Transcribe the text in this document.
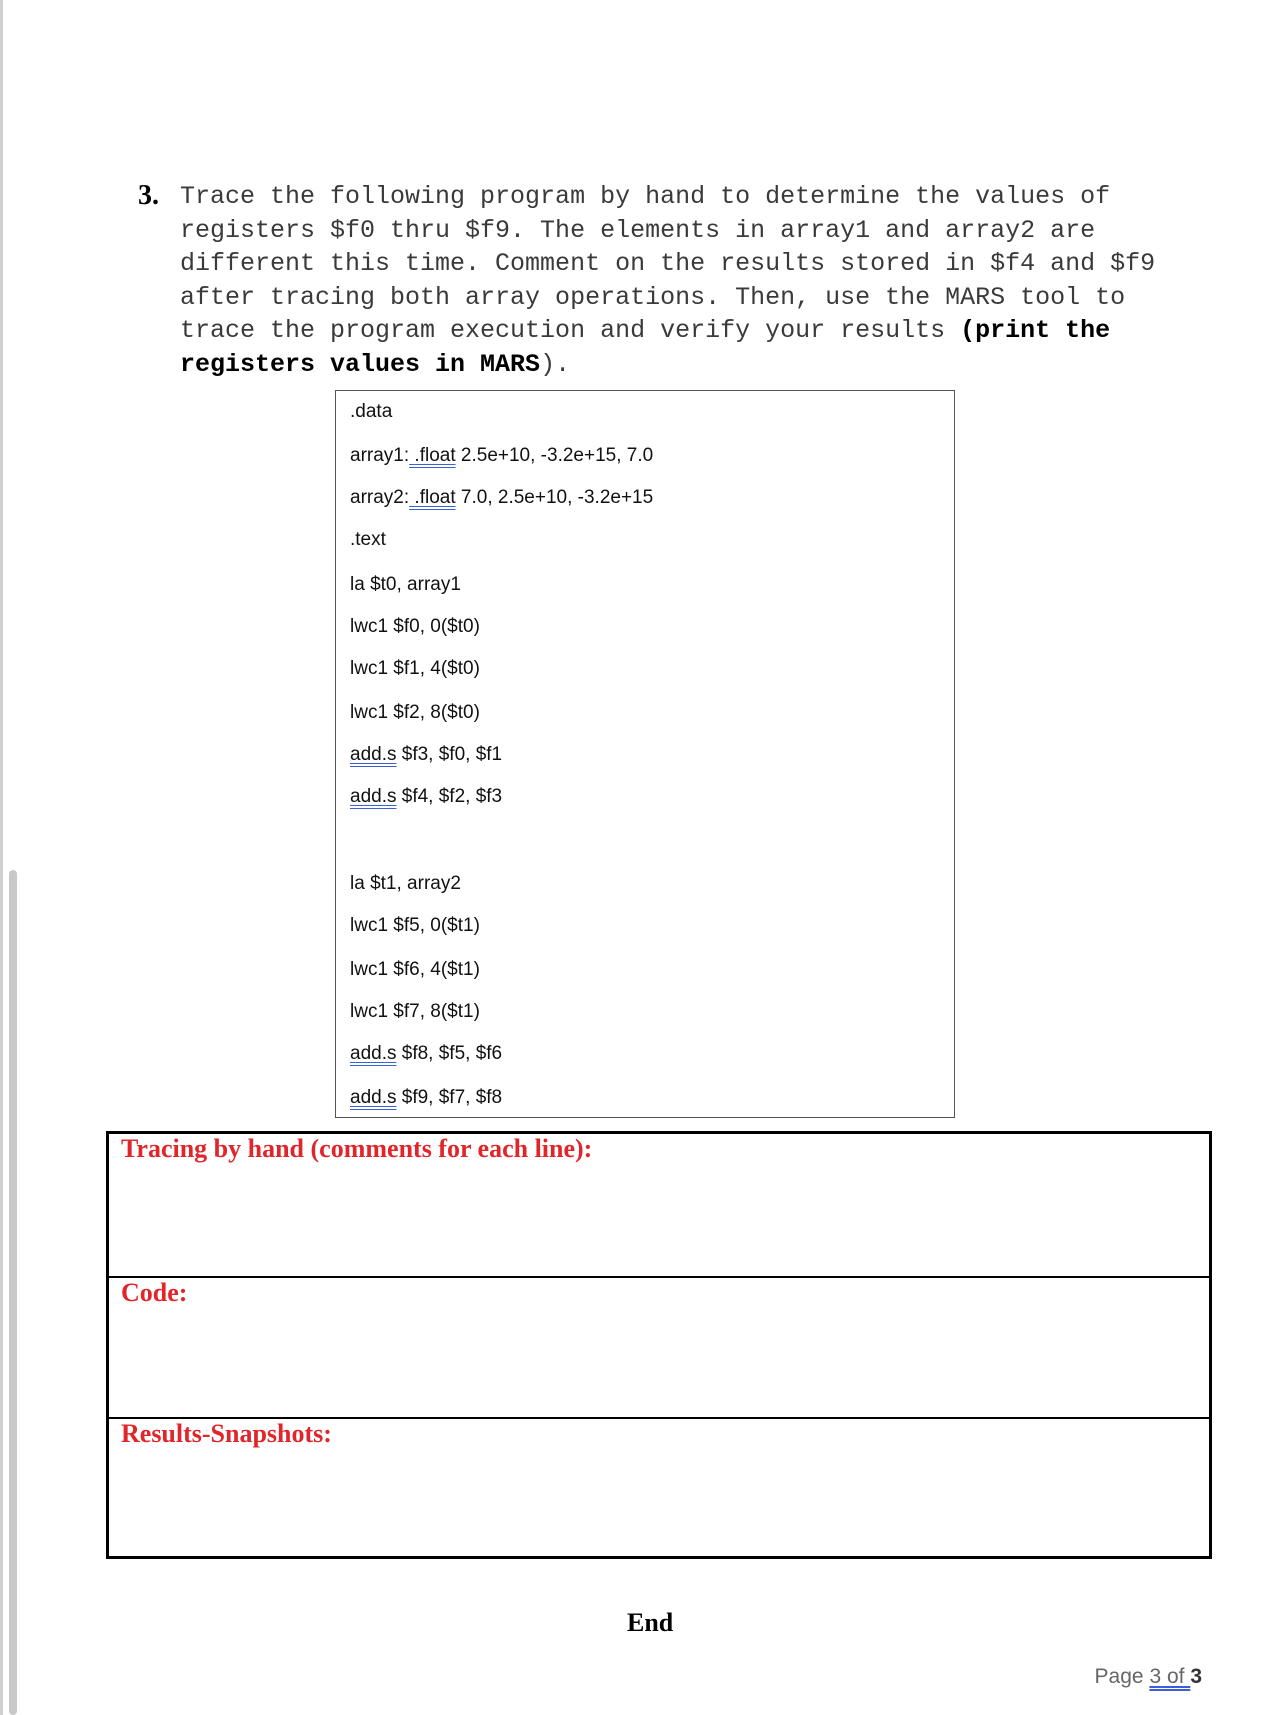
3. Trace the following program by hand to determine the values of
registers $f0 thru $f9. The elements in array1 and array2 are
different this time. Comment on the results stored in $f4 and $f9
after tracing both array operations. Then, use the MARS tool to
trace the program execution and verify your results (print the
registers values in MARS).
.data
array1: .float 2.5e+10, -3.2e+15, 7.0
array2: .float 7.0, 2.5e+10, -3.2e+15
.text
la $t0, array1
lwc1 $f0, 0($t0)
lwc1 $f1, 4($t0)
lwc1 $f2, 8($t0)
add.s $f3, $f0, $f1
add.s $f4, $f2, $f3
la $t1, array2
lwc1 $f5, 0($t1)
lwc1 $f6, 4($t1)
lwc1 $f7, 8($t1)
add.s $f8, $f5, $f6
add.s $f9, $f7, $f8
Tracing by hand (comments for each line):
Code:
Results-Snapshots:
End
Page 3 of 3
